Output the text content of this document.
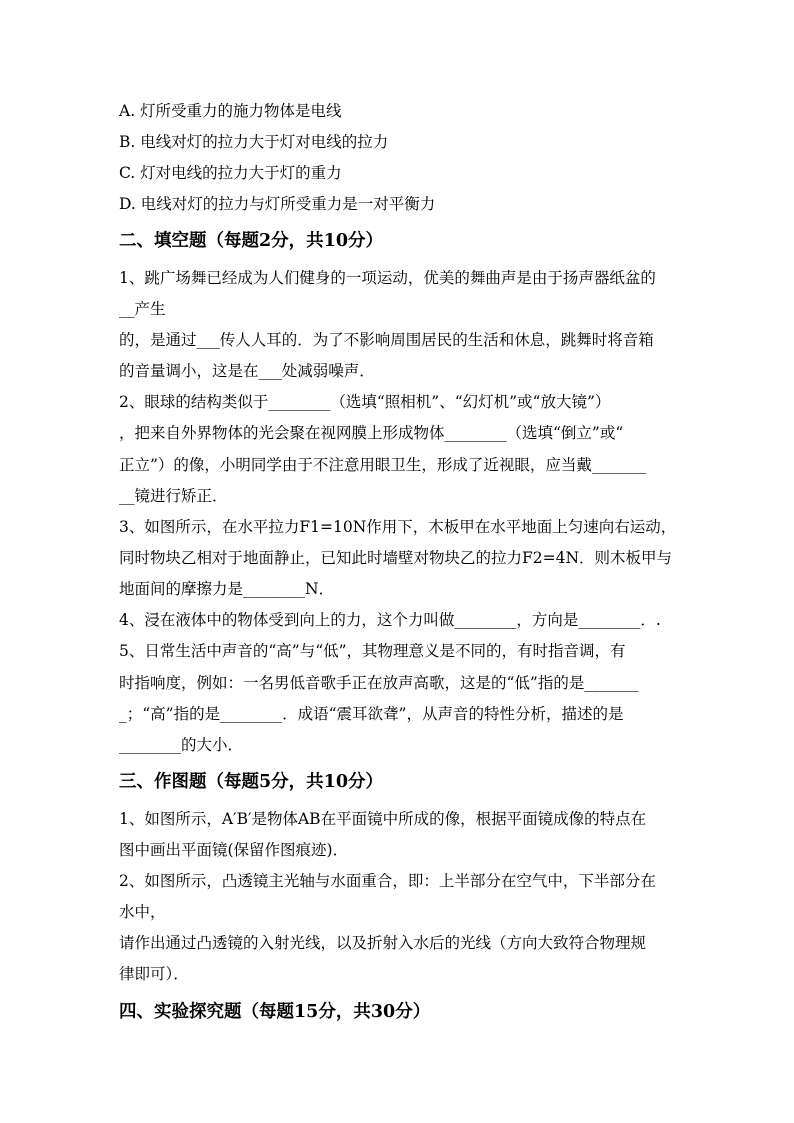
A. 灯所受重力的施力物体是电线
B. 电线对灯的拉力大于灯对电线的拉力
C. 灯对电线的拉力大于灯的重力
D. 电线对灯的拉力与灯所受重力是一对平衡力
二、填空题（每题2分，共10分）
1、跳广场舞已经成为人们健身的一项运动，优美的舞曲声是由于扬声器纸盆的
__产生
的，是通过___传人人耳的．为了不影响周围居民的生活和休息，跳舞时将音箱
的音量调小，这是在___处减弱噪声．
2、眼球的结构类似于________（选填“照相机”、“幻灯机”或“放大镜”）
，把来自外界物体的光会聚在视网膜上形成物体________（选填“倒立”或“
正立”）的像，小明同学由于不注意用眼卫生，形成了近视眼，应当戴_______
__镜进行矫正．
3、如图所示，在水平拉力F1=10N作用下，木板甲在水平地面上匀速向右运动，
同时物块乙相对于地面静止，已知此时墙壁对物块乙的拉力F2=4N．则木板甲与
地面间的摩擦力是________N．
4、浸在液体中的物体受到向上的力，这个力叫做________，方向是________．.
5、日常生活中声音的“高”与“低”，其物理意义是不同的，有时指音调，有
时指响度，例如：一名男低音歌手正在放声高歌，这是的“低”指的是_______
_；“高”指的是________．成语“震耳欲聋”，从声音的特性分析，描述的是
________的大小．
三、作图题（每题5分，共10分）
1、如图所示，A′B′是物体AB在平面镜中所成的像，根据平面镜成像的特点在
图中画出平面镜(保留作图痕迹)．
2、如图所示，凸透镜主光轴与水面重合，即：上半部分在空气中，下半部分在
水中，
请作出通过凸透镜的入射光线，以及折射入水后的光线（方向大致符合物理规
律即可）．
四、实验探究题（每题15分，共30分）
